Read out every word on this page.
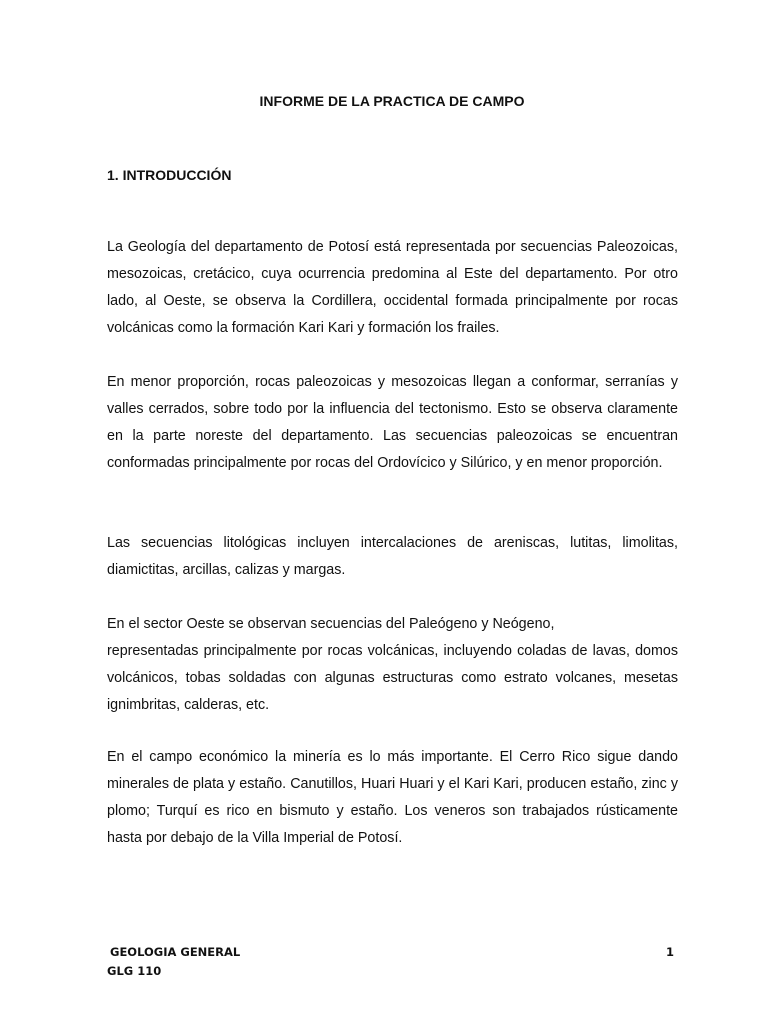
INFORME DE LA PRACTICA DE CAMPO
1. INTRODUCCIÓN

La Geología del departamento de Potosí está representada por secuencias Paleozoicas, mesozoicas, cretácico, cuya ocurrencia predomina al Este del departamento. Por otro lado, al Oeste, se observa la Cordillera, occidental formada principalmente por rocas volcánicas como la formación Kari Kari y formación los frailes.

En menor proporción, rocas paleozoicas y mesozoicas llegan a conformar, serranías y valles cerrados, sobre todo por la influencia del tectonismo. Esto se observa claramente en la parte noreste del departamento. Las secuencias paleozoicas se encuentran conformadas principalmente por rocas del Ordovícico y Silúrico, y en menor proporción.

Las secuencias litológicas incluyen intercalaciones de areniscas, lutitas, limolitas, diamictitas, arcillas, calizas y margas.

En el sector Oeste se observan secuencias del Paleógeno y Neógeno,
representadas principalmente por rocas volcánicas, incluyendo coladas de lavas, domos volcánicos, tobas soldadas con algunas estructuras como estrato volcanes, mesetas ignimbritas, calderas, etc.

En el campo económico la minería es lo más importante. El Cerro Rico sigue dando minerales de plata y estaño. Canutillos, Huari Huari y el Kari Kari, producen estaño, zinc y plomo; Turquí es rico en bismuto y estaño. Los veneros son trabajados rústicamente hasta por debajo de la Villa Imperial de Potosí.

GEOLOGIA GENERAL
GLG 110
1
